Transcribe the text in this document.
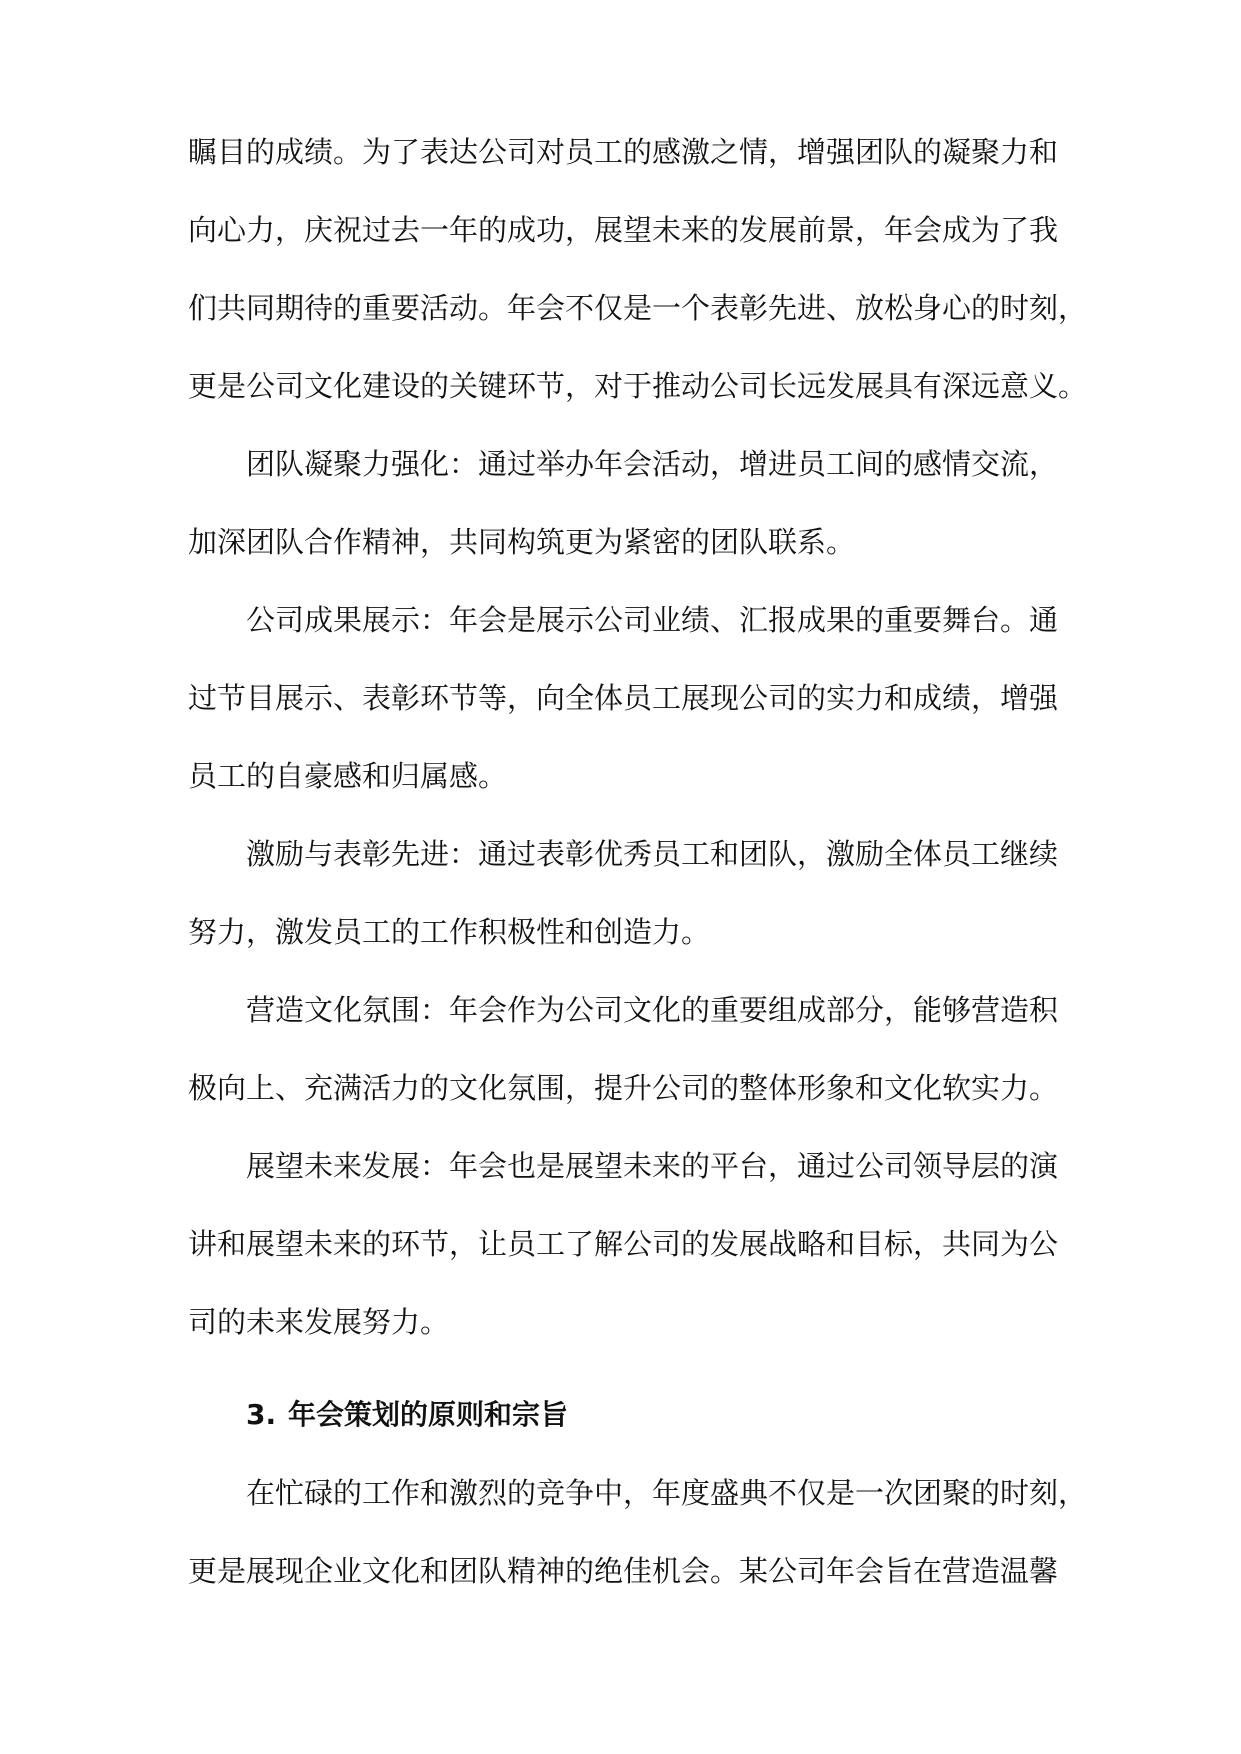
瞩目的成绩。为了表达公司对员工的感激之情，增强团队的凝聚力和
向心力，庆祝过去一年的成功，展望未来的发展前景，年会成为了我
们共同期待的重要活动。年会不仅是一个表彰先进、放松身心的时刻，
更是公司文化建设的关键环节，对于推动公司长远发展具有深远意义。
团队凝聚力强化：通过举办年会活动，增进员工间的感情交流，
加深团队合作精神，共同构筑更为紧密的团队联系。
公司成果展示：年会是展示公司业绩、汇报成果的重要舞台。通
过节目展示、表彰环节等，向全体员工展现公司的实力和成绩，增强
员工的自豪感和归属感。
激励与表彰先进：通过表彰优秀员工和团队，激励全体员工继续
努力，激发员工的工作积极性和创造力。
营造文化氛围：年会作为公司文化的重要组成部分，能够营造积
极向上、充满活力的文化氛围，提升公司的整体形象和文化软实力。
展望未来发展：年会也是展望未来的平台，通过公司领导层的演
讲和展望未来的环节，让员工了解公司的发展战略和目标，共同为公
司的未来发展努力。
3. 年会策划的原则和宗旨
在忙碌的工作和激烈的竞争中，年度盛典不仅是一次团聚的时刻，
更是展现企业文化和团队精神的绝佳机会。某公司年会旨在营造温馨
